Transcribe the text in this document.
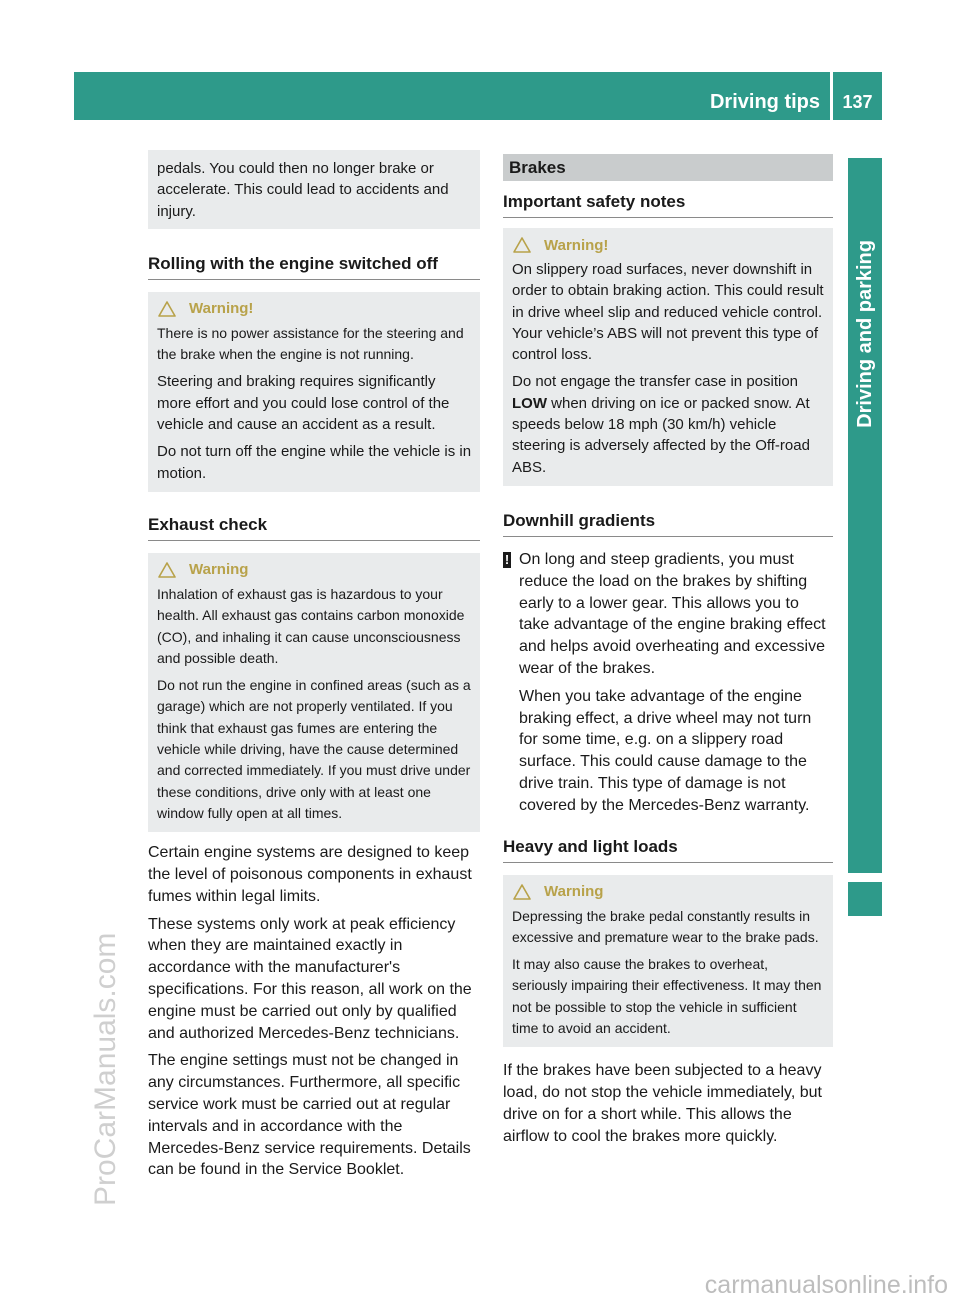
Driving tips	137
Driving and parking
ProCarManuals.com
carmanualsonline.info

pedals. You could then no longer brake or accelerate. This could lead to accidents and injury.

Rolling with the engine switched off
Warning!

There is no power assistance for the steering and the brake when the engine is not running.

Steering and braking requires significantly more effort and you could lose control of the vehicle and cause an accident as a result.

Do not turn off the engine while the vehicle is in motion.

Exhaust check
Warning

Inhalation of exhaust gas is hazardous to your health. All exhaust gas contains carbon monoxide (CO), and inhaling it can cause unconsciousness and possible death.

Do not run the engine in confined areas (such as a garage) which are not properly ventilated. If you think that exhaust gas fumes are entering the vehicle while driving, have the cause determined and corrected immediately. If you must drive under these conditions, drive only with at least one window fully open at all times.

Certain engine systems are designed to keep the level of poisonous components in exhaust fumes within legal limits.

These systems only work at peak efficiency when they are maintained exactly in accordance with the manufacturer's specifications. For this reason, all work on the engine must be carried out only by qualified and authorized Mercedes-Benz technicians.

The engine settings must not be changed in any circumstances. Furthermore, all specific service work must be carried out at regular intervals and in accordance with the Mercedes-Benz service requirements. Details can be found in the Service Booklet.

Brakes
Important safety notes
Warning!

On slippery road surfaces, never downshift in order to obtain braking action. This could result in drive wheel slip and reduced vehicle control. Your vehicle’s ABS will not prevent this type of control loss.

Do not engage the transfer case in position LOW when driving on ice or packed snow. At speeds below 18 mph (30 km/h) vehicle steering is adversely affected by the Off-road ABS.

Downhill gradients
! On long and steep gradients, you must reduce the load on the brakes by shifting early to a lower gear. This allows you to take advantage of the engine braking effect and helps avoid overheating and excessive wear of the brakes.

When you take advantage of the engine braking effect, a drive wheel may not turn for some time, e.g. on a slippery road surface. This could cause damage to the drive train. This type of damage is not covered by the Mercedes-Benz warranty.

Heavy and light loads
Warning

Depressing the brake pedal constantly results in excessive and premature wear to the brake pads.

It may also cause the brakes to overheat, seriously impairing their effectiveness. It may then not be possible to stop the vehicle in sufficient time to avoid an accident.

If the brakes have been subjected to a heavy load, do not stop the vehicle immediately, but drive on for a short while. This allows the airflow to cool the brakes more quickly.
